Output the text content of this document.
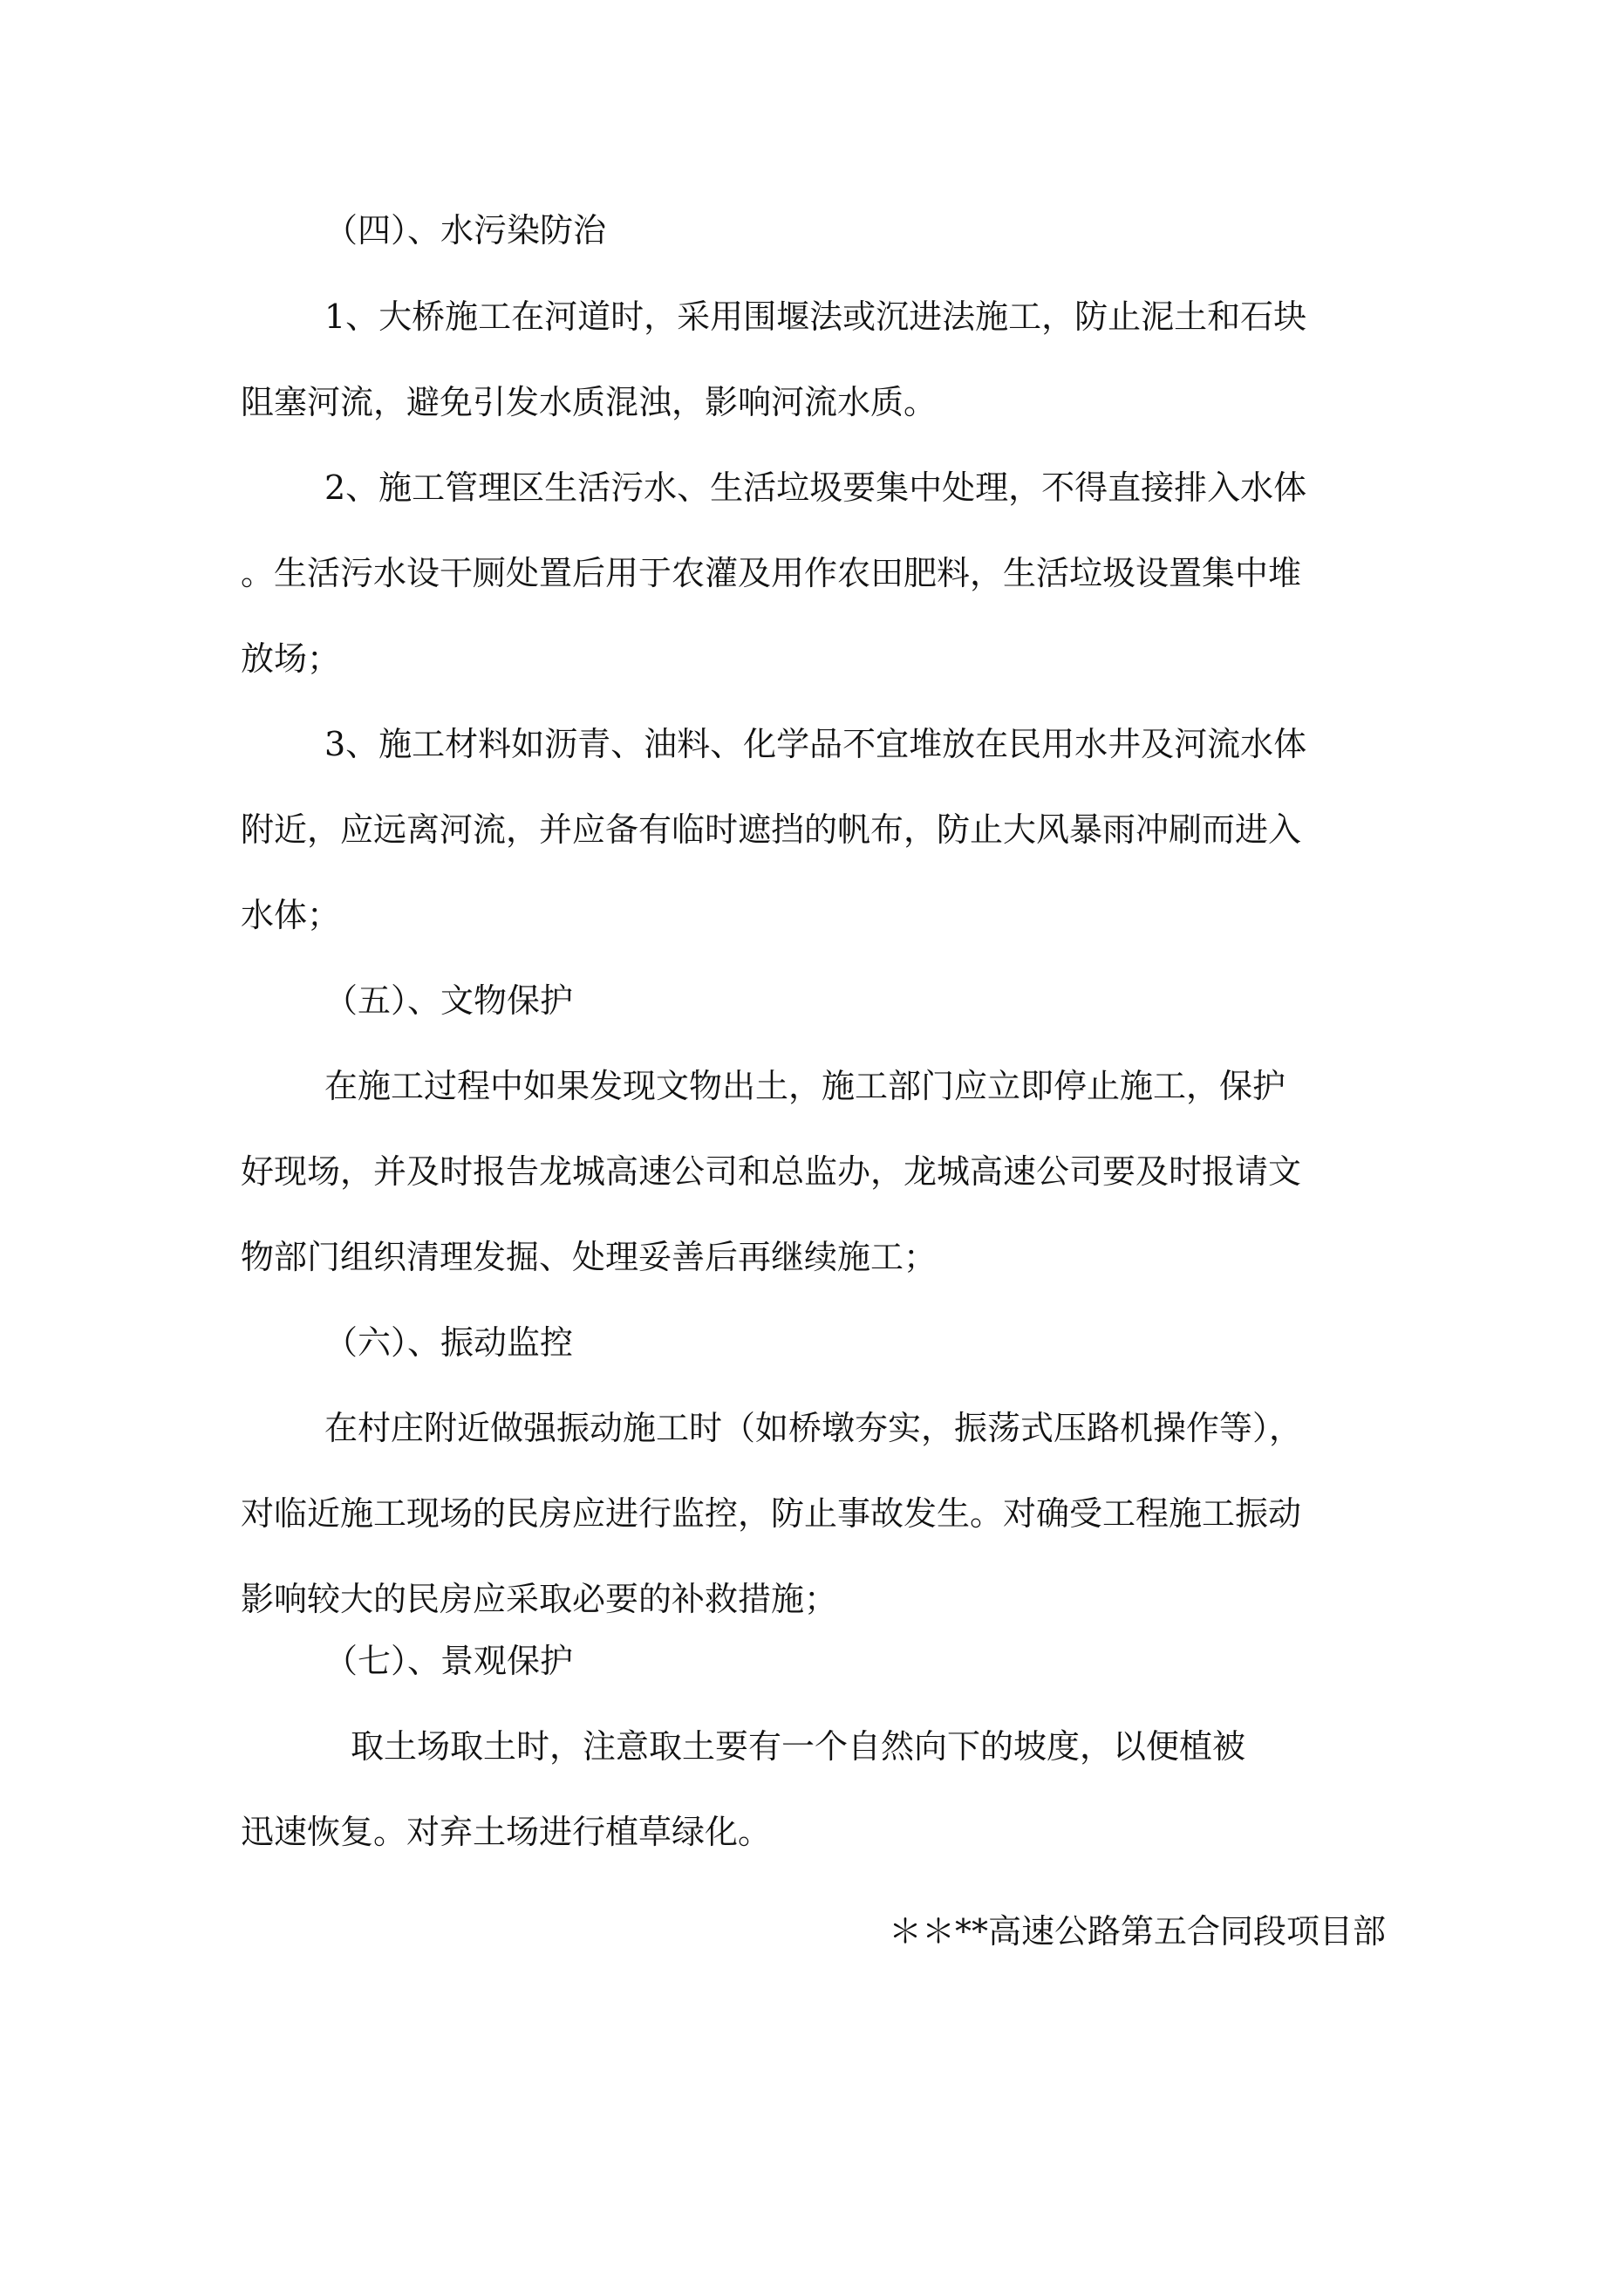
（四）、水污染防治

1、大桥施工在河道时，采用围堰法或沉进法施工，防止泥土和石块

阻塞河流，避免引发水质混浊，影响河流水质。

2、施工管理区生活污水、生活垃圾要集中处理，不得直接排入水体

。生活污水设干厕处置后用于农灌及用作农田肥料，生活垃圾设置集中堆

放场；

3、施工材料如沥青、油料、化学品不宜堆放在民用水井及河流水体

附近，应远离河流，并应备有临时遮挡的帆布，防止大风暴雨冲刷而进入

水体；

（五）、文物保护

在施工过程中如果发现文物出土，施工部门应立即停止施工，保护

好现场，并及时报告龙城高速公司和总监办，龙城高速公司要及时报请文

物部门组织清理发掘、处理妥善后再继续施工；

（六）、振动监控

在村庄附近做强振动施工时（如桥墩夯实，振荡式压路机操作等），

对临近施工现场的民房应进行监控，防止事故发生。对确受工程施工振动

影响较大的民房应采取必要的补救措施；

（七）、景观保护

取土场取土时，注意取土要有一个自然向下的坡度，以便植被

迅速恢复。对弃土场进行植草绿化。

＊＊**高速公路第五合同段项目部
